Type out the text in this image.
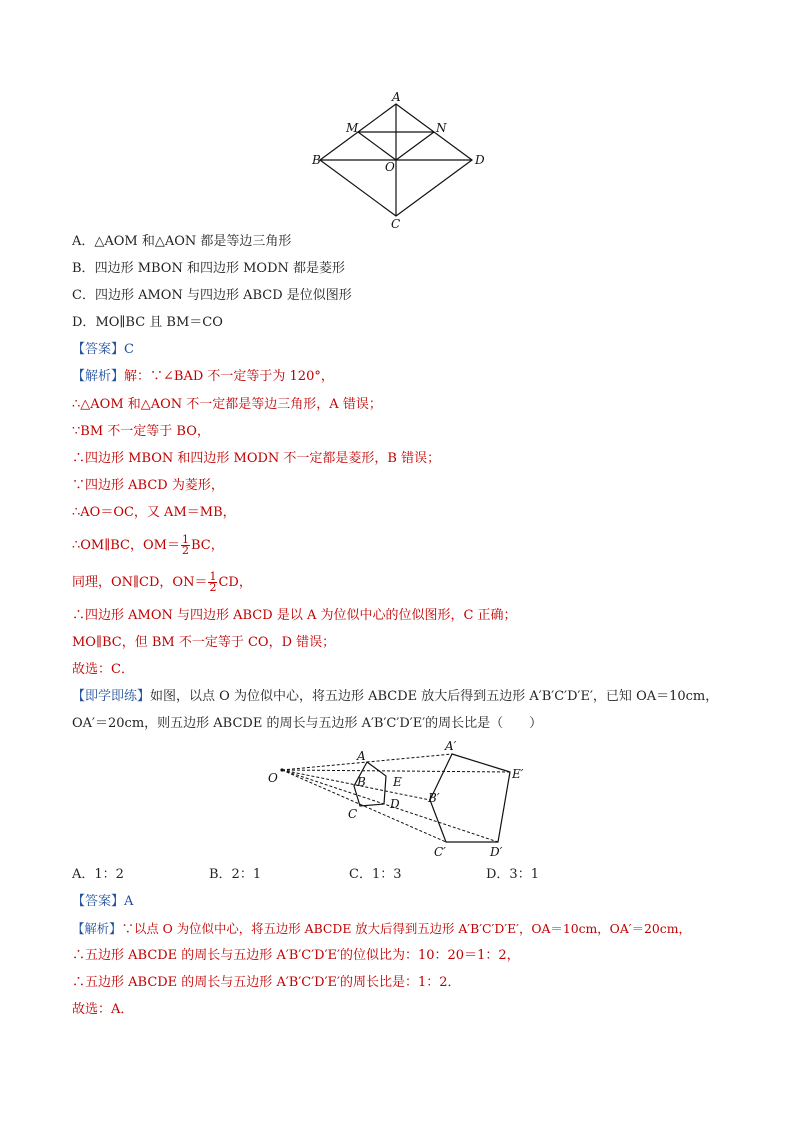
A
M	N
B	O	D
C
A．△AOM 和△AON 都是等边三角形
B．四边形 MBON 和四边形 MODN 都是菱形
C．四边形 AMON 与四边形 ABCD 是位似图形
D．MO∥BC 且 BM＝CO
【答案】C
【解析】解：∵∠BAD 不一定等于为 120°，
∴△AOM 和△AON 不一定都是等边三角形，A 错误；
∵BM 不一定等于 BO，
∴四边形 MBON 和四边形 MODN 不一定都是菱形，B 错误；
∵四边形 ABCD 为菱形，
∴AO＝OC，又 AM＝MB，
∴OM∥BC，$OM= \frac{1}{2}$ BC，
同理，ON∥CD，$ON= \frac{1}{2}$ CD，
∴四边形 AMON 与四边形 ABCD 是以 A 为位似中心的位似图形，C 正确；
MO∥BC，但 BM 不一定等于 CO，D 错误；
故选：C．
【即学即练】如图，以点 O 为位似中心，将五边形 ABCDE 放大后得到五边形 A′B′C′D′E′，已知 OA＝10cm，
OA′＝20cm，则五边形 ABCDE 的周长与五边形 A′B′C′D′E′的周长比是（　　）
O
A
B E
D
C
A′
E′
B′
C′	D′
A．1：2	B．2：1	C．1：3	D．3：1
【答案】A
【解析】∵以点 O 为位似中心，将五边形 ABCDE 放大后得到五边形 A′B′C′D′E′，OA＝10cm，OA′＝20cm，
∴五边形 ABCDE 的周长与五边形 A′B′C′D′E′的位似比为：10：20＝1：2，
∴五边形 ABCDE 的周长与五边形 A′B′C′D′E′的周长比是：1：2．
故选：A．
